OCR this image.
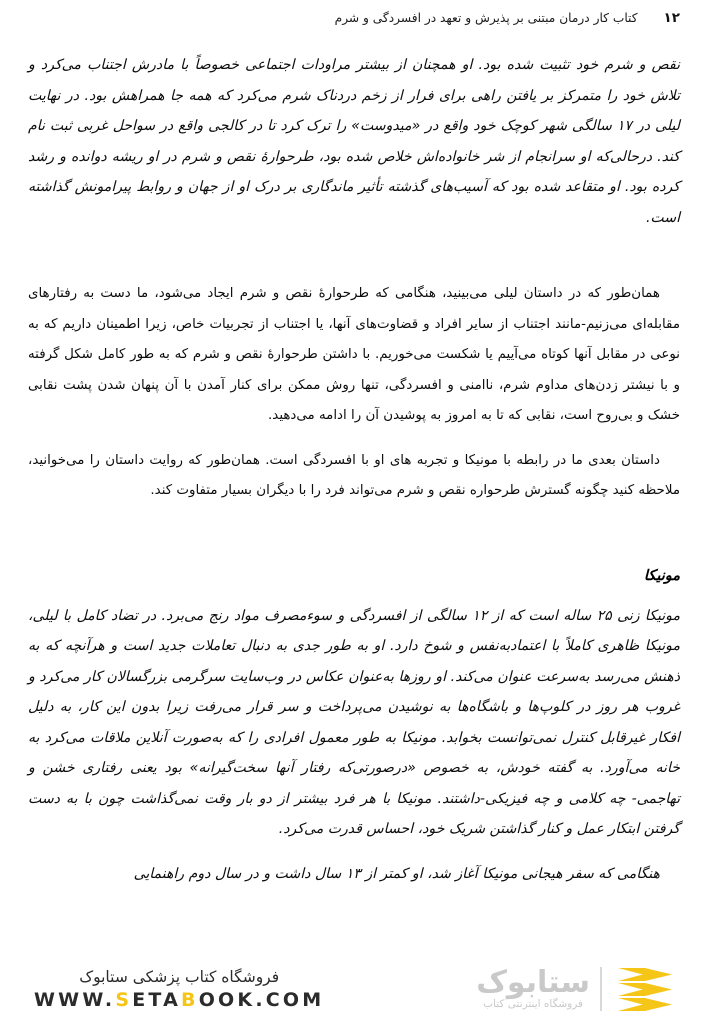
۱۲
کتاب کار درمان مبتنی بر پذیرش و تعهد در افسردگی و شرم

نقص و شرم خود تثبیت شده بود. او همچنان از بیشتر مراودات اجتماعی خصوصاً با مادرش اجتناب می‌کرد و تلاش خود را متمرکز بر یافتن راهی برای فرار از زخم دردناک شرم می‌کرد که همه جا همراهش بود. در نهایت لیلی در ۱۷ سالگی شهر کوچک خود واقع در «میدوست» را ترک کرد تا در کالجی واقع در سواحل غربی ثبت نام کند. درحالی‌که او سرانجام از شر خانواده‌اش خلاص شده بود، طرحوارهٔ نقص و شرم در او ریشه دوانده و رشد کرده بود. او متقاعد شده بود که آسیب‌های گذشته تأثیر ماندگاری بر درک او از جهان و روابط پیرامونش گذاشته است.

همان‌طور که در داستان لیلی می‌بینید، هنگامی که طرحوارهٔ نقص و شرم ایجاد می‌شود، ما دست به رفتارهای مقابله‌ای می‌زنیم-مانند اجتناب از سایر افراد و قضاوت‌های آنها، یا اجتناب از تجربیات خاص، زیرا اطمینان داریم که به نوعی در مقابل آنها کوتاه می‌آییم یا شکست می‌خوریم. با داشتن طرحوارهٔ نقص و شرم که به طور کامل شکل گرفته و با نیشتر زدن‌های مداوم شرم، ناامنی و افسردگی، تنها روش ممکن برای کنار آمدن با آن پنهان شدن پشت نقابی خشک و بی‌روح است، نقابی که تا به امروز به پوشیدن آن را ادامه می‌دهید.

داستان بعدی ما در رابطه با مونیکا و تجربه های او با افسردگی است. همان‌طور که روایت داستان را می‌خوانید، ملاحظه کنید چگونه گسترش طرحواره نقص و شرم می‌تواند فرد را با دیگران بسیار متفاوت کند.

مونیکا

مونیکا زنی ۲۵ ساله است که از ۱۲ سالگی از افسردگی و سوءمصرف مواد رنج می‌برد. در تضاد کامل با لیلی، مونیکا ظاهری کاملاً با اعتمادبه‌نفس و شوخ دارد. او به طور جدی به دنبال تعاملات جدید است و هرآنچه که به ذهنش می‌رسد به‌سرعت عنوان می‌کند. او روزها به‌عنوان عکاس در وب‌سایت سرگرمی بزرگسالان کار می‌کرد و غروب هر روز در کلوپ‌ها و باشگاه‌ها به نوشیدن می‌پرداخت و سر قرار می‌رفت زیرا بدون این کار، به دلیل افکار غیرقابل کنترل نمی‌توانست بخوابد. مونیکا به طور معمول افرادی را که به‌صورت آنلاین ملاقات می‌کرد به خانه می‌آورد. به گفته خودش، به خصوص «درصورتی‌که رفتار آنها سخت‌گیرانه» بود یعنی رفتاری خشن و تهاجمی- چه کلامی و چه فیزیکی-داشتند. مونیکا با هر فرد بیشتر از دو بار وقت نمی‌گذاشت چون با به دست گرفتن ابتکار عمل و کنار گذاشتن شریک خود، احساس قدرت می‌کرد.

هنگامی که سفر هیجانی مونیکا آغاز شد، او کمتر از ۱۳ سال داشت و در سال دوم راهنمایی

فروشگاه کتاب پزشکی ستابوک
WWW.SETABOOK.COM	ستابوک
فروشگاه اینترنتی کتاب
